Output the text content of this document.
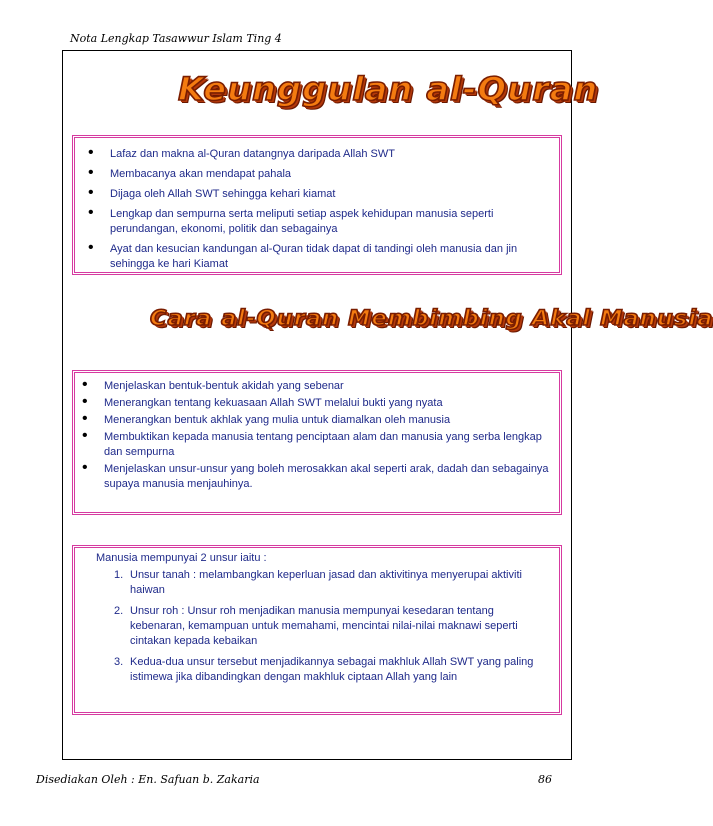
Nota Lengkap Tasawwur Islam Ting 4
Keunggulan al-Quran
• Lafaz dan makna al-Quran datangnya daripada Allah SWT
• Membacanya akan mendapat pahala
• Dijaga oleh Allah SWT sehingga kehari kiamat
• Lengkap dan sempurna serta meliputi setiap aspek kehidupan manusia seperti perundangan, ekonomi, politik dan sebagainya
• Ayat dan kesucian kandungan al-Quran tidak dapat di tandingi oleh manusia dan jin sehingga ke hari Kiamat
Cara al-Quran Membimbing Akal Manusia
• Menjelaskan bentuk-bentuk akidah yang sebenar
• Menerangkan tentang kekuasaan Allah SWT melalui bukti yang nyata
• Menerangkan bentuk akhlak yang mulia untuk diamalkan oleh manusia
• Membuktikan kepada manusia tentang penciptaan alam dan manusia yang serba lengkap dan sempurna
• Menjelaskan unsur-unsur yang boleh merosakkan akal seperti arak, dadah dan sebagainya supaya manusia menjauhinya.
Manusia mempunyai 2 unsur iaitu :
1. Unsur tanah : melambangkan keperluan jasad dan aktivitinya menyerupai aktiviti haiwan
2. Unsur roh : Unsur roh menjadikan manusia mempunyai kesedaran tentang kebenaran, kemampuan untuk memahami, mencintai nilai-nilai maknawi seperti cintakan kepada kebaikan
3. Kedua-dua unsur tersebut menjadikannya sebagai makhluk Allah SWT yang paling istimewa jika dibandingkan dengan makhluk ciptaan Allah yang lain
Disediakan Oleh : En. Safuan b. Zakaria	86
